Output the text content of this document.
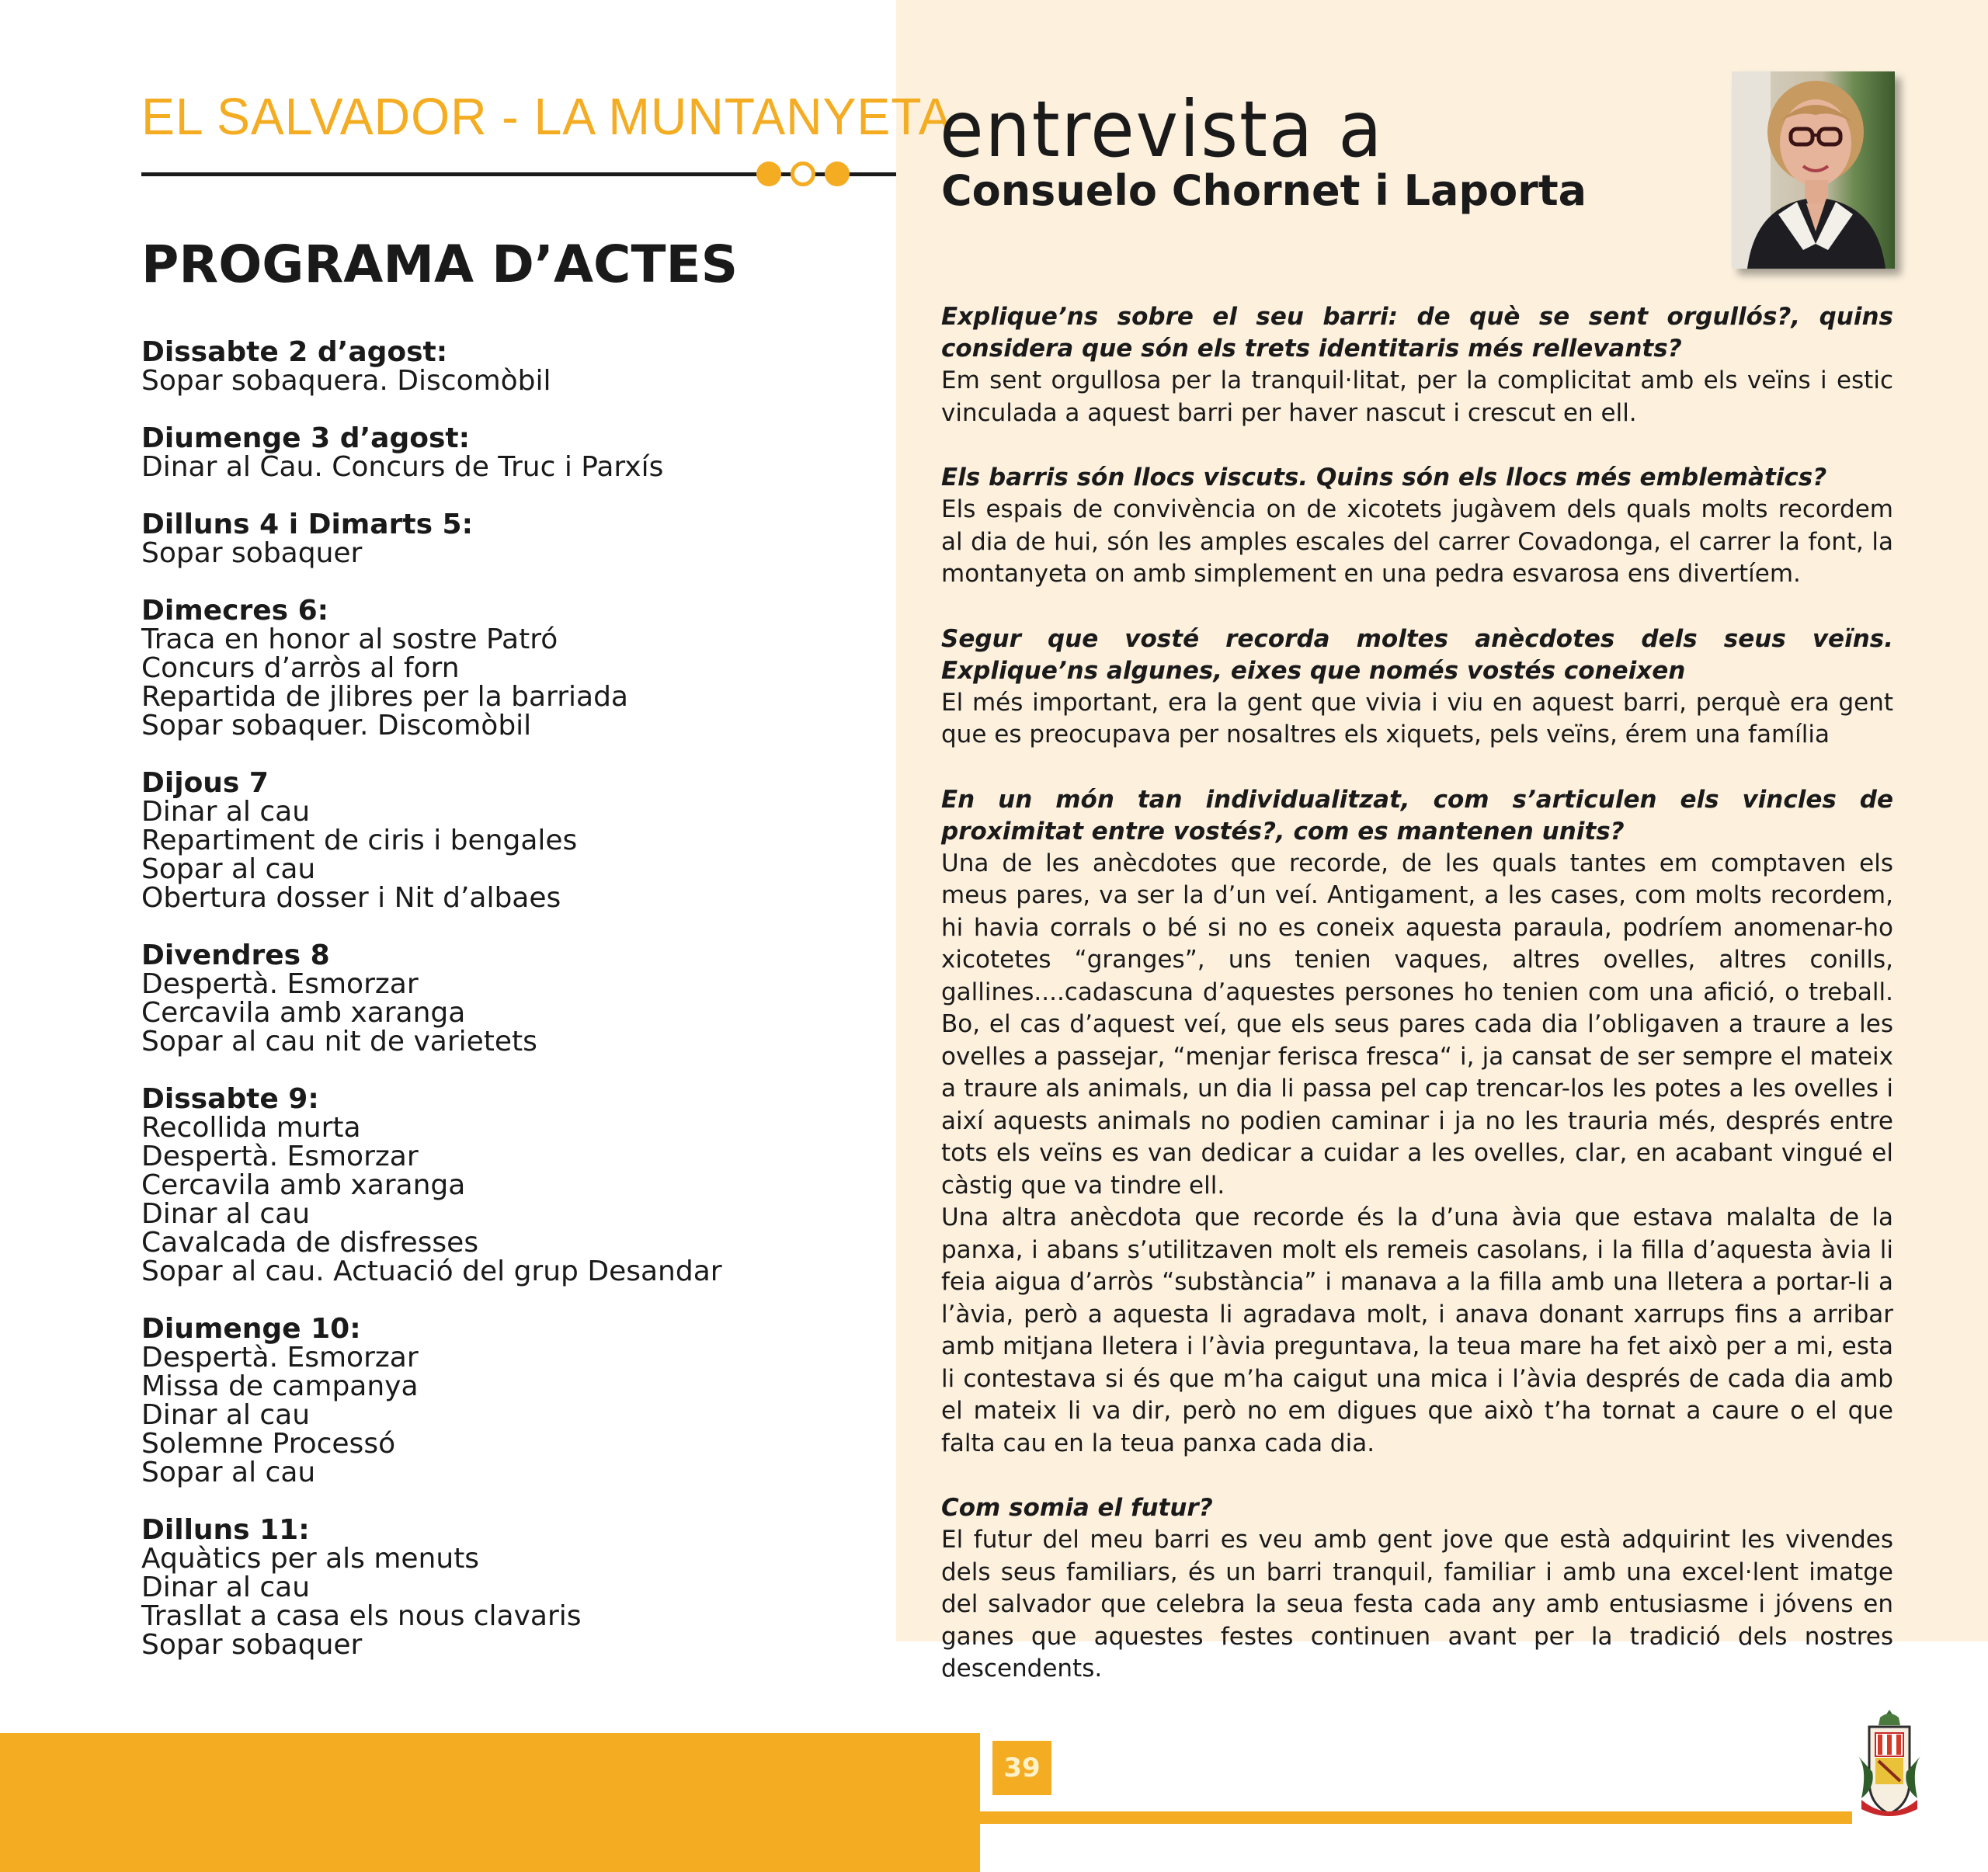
EL SALVADOR - LA MUNTANYETA
PROGRAMA D’ACTES
Dissabte 2 d’agost:
Sopar sobaquera. Discomòbil
Diumenge 3 d’agost:
Dinar al Cau. Concurs de Truc i Parxís
Dilluns 4 i Dimarts 5:
Sopar sobaquer
Dimecres 6:
Traca en honor al sostre Patró
Concurs d’arròs al forn
Repartida de jlibres per la barriada
Sopar sobaquer. Discomòbil
Dijous 7
Dinar al cau
Repartiment de ciris i bengales
Sopar al cau
Obertura dosser i Nit d’albaes
Divendres 8
Despertà. Esmorzar
Cercavila amb xaranga
Sopar al cau nit de varietets
Dissabte 9:
Recollida murta
Despertà. Esmorzar
Cercavila amb xaranga
Dinar al cau
Cavalcada de disfresses
Sopar al cau. Actuació del grup Desandar
Diumenge 10:
Despertà. Esmorzar
Missa de campanya
Dinar al cau
Solemne Processó
Sopar al cau
Dilluns 11:
Aquàtics per als menuts
Dinar al cau
Trasllat a casa els nous clavaris
Sopar sobaquer
entrevista a
Consuelo Chornet i Laporta
Explique’ns sobre el seu barri: de què se sent orgullós?, quins considera que són els trets identitaris més rellevants?
Em sent orgullosa per la tranquil·litat, per la complicitat amb els veïns i estic vinculada a aquest barri per haver nascut i crescut en ell.
Els barris són llocs viscuts. Quins són els llocs més emblemàtics?
Els espais de convivència on de xicotets jugàvem dels quals molts recordem al dia de hui, són les amples escales del carrer Covadonga, el carrer la font, la montanyeta on amb simplement en una pedra esvarosa ens divertíem.
Segur que vosté recorda moltes anècdotes dels seus veïns. Explique’ns algunes, eixes que només vostés coneixen
El més important, era la gent que vivia i viu en aquest barri, perquè era gent que es preocupava per nosaltres els xiquets, pels veïns, érem una família
En un món tan individualitzat, com s’articulen els vincles de proximitat entre vostés?, com es mantenen units?
Una de les anècdotes que recorde, de les quals tantes em comptaven els meus pares, va ser la d’un veí. Antigament, a les cases, com molts recordem, hi havia corrals o bé si no es coneix aquesta paraula, podríem anomenar-ho xicotetes “granges”, uns tenien vaques, altres ovelles, altres conills, gallines....cadascuna d’aquestes persones ho tenien com una afició, o treball. Bo, el cas d’aquest veí, que els seus pares cada dia l’obligaven a traure a les ovelles a passejar, “menjar ferisca fresca“ i, ja cansat de ser sempre el mateix a traure als animals, un dia li passa pel cap trencar-los les potes a les ovelles i així aquests animals no podien caminar i ja no les trauria més, després entre tots els veïns es van dedicar a cuidar a les ovelles, clar, en acabant vingué el càstig que va tindre ell.
Una altra anècdota que recorde és la d’una àvia que estava malalta de la panxa, i abans s’utilitzaven molt els remeis casolans, i la filla d’aquesta àvia li feia aigua d’arròs “substància” i manava a la filla amb una lletera a portar-li a l’àvia, però a aquesta li agradava molt, i anava donant xarrups fins a arribar amb mitjana lletera i l’àvia preguntava, la teua mare ha fet això per a mi, esta li contestava si és que m’ha caigut una mica i l’àvia després de cada dia amb el mateix li va dir, però no em digues que això t’ha tornat a caure o el que falta cau en la teua panxa cada dia.
Com somia el futur?
El futur del meu barri es veu amb gent jove que està adquirint les vivendes dels seus familiars, és un barri tranquil, familiar i amb una excel·lent imatge del salvador que celebra la seua festa cada any amb entusiasme i jóvens en ganes que aquestes festes continuen avant per la tradició dels nostres descendents.
39
